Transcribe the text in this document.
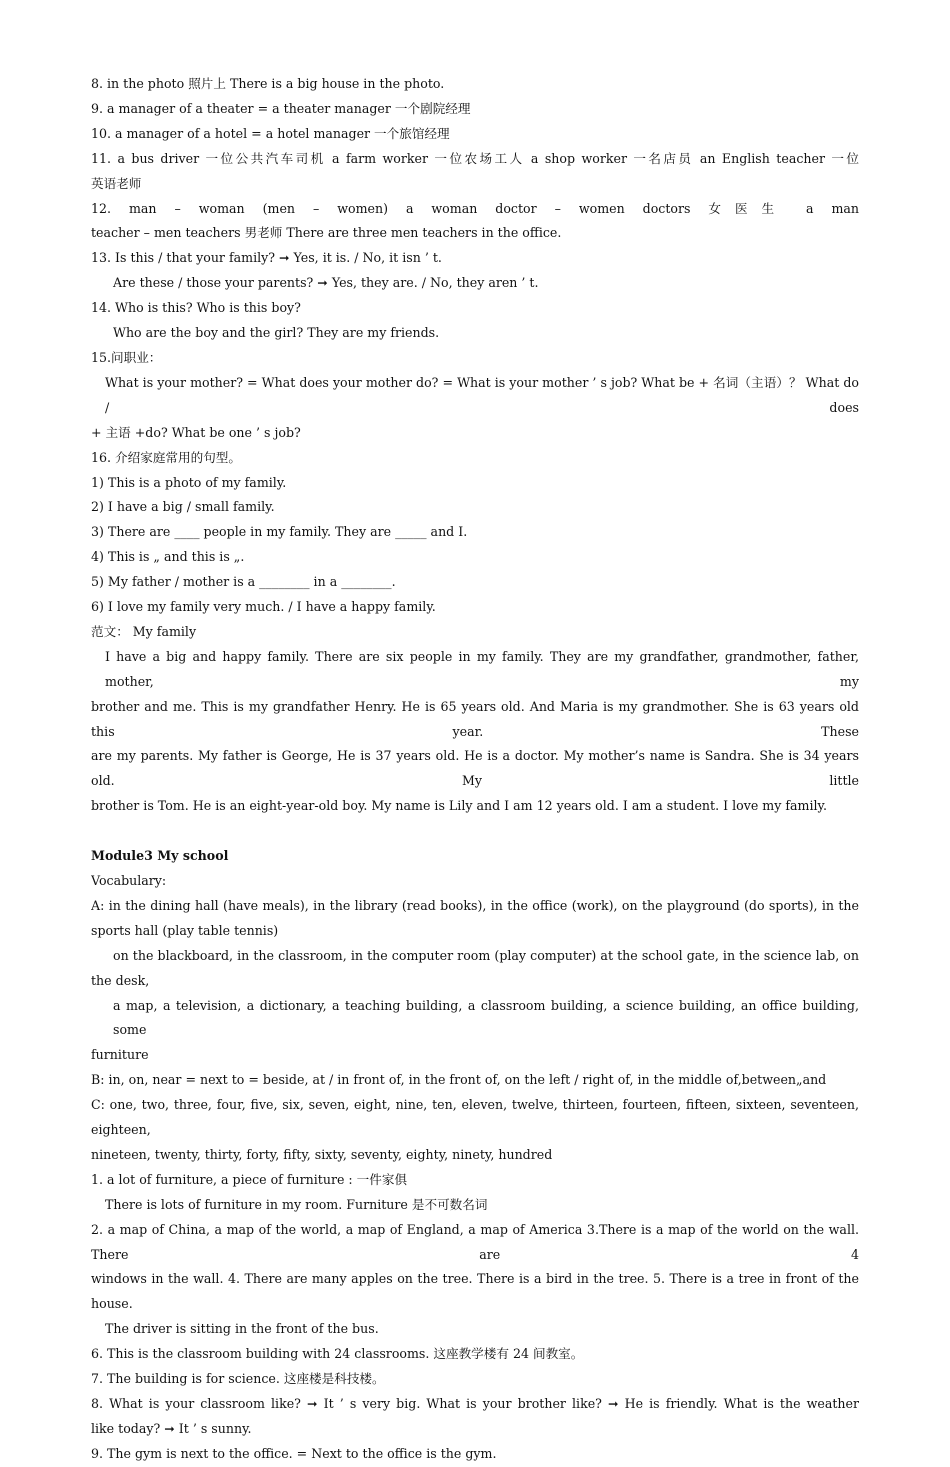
8. in the photo 照片上 There is a big house in the photo.

9. a manager of a theater = a theater manager 一个剧院经理

10. a manager of a hotel = a hotel manager 一个旅馆经理

11. a bus driver 一位公共汽车司机 a farm worker 一位农场工人 a shop worker 一名店员 an English teacher 一位

英语老师

12. man – woman (men – women) a woman doctor – women doctors 女医生 a man

teacher – men teachers 男老师 There are three men teachers in the office.

13. Is this / that your family? ➞ Yes, it is. / No, it isn ’ t.

Are these / those your parents? ➞ Yes, they are. / No, they aren ’ t.

14. Who is this? Who is this boy?

Who are the boy and the girl? They are my friends.

15.问职业：

What is your mother? = What does your mother do? = What is your mother ’ s job? What be + 名词（主语）？ What do / does

+ 主语 +do? What be one ’ s job?

16. 介绍家庭常用的句型。

1) This is a photo of my family.

2) I have a big / small family.

3) There are ____ people in my family. They are _____ and I.

4) This is „ and this is „.

5) My father / mother is a ________ in a ________.

6) I love my family very much. / I have a happy family.

范文： My family

I have a big and happy family. There are six people in my family. They are my grandfather, grandmother, father, mother, my

brother and me. This is my grandfather Henry. He is 65 years old. And Maria is my grandmother. She is 63 years old this year. These

are my parents. My father is George, He is 37 years old. He is a doctor. My mother’s name is Sandra. She is 34 years old. My little

brother is Tom. He is an eight-year-old boy. My name is Lily and I am 12 years old. I am a student. I love my family.

Module3 My school

Vocabulary:

A: in the dining hall (have meals), in the library (read books), in the office (work), on the playground (do sports), in the

sports hall (play table tennis)

on the blackboard, in the classroom, in the computer room (play computer) at the school gate, in the science lab, on

the desk,

a map, a television, a dictionary, a teaching building, a classroom building, a science building, an office building, some

furniture

B: in, on, near = next to = beside, at / in front of, in the front of, on the left / right of, in the middle of,between„and

C: one, two, three, four, five, six, seven, eight, nine, ten, eleven, twelve, thirteen, fourteen, fifteen, sixteen, seventeen, eighteen,

nineteen, twenty, thirty, forty, fifty, sixty, seventy, eighty, ninety, hundred

1. a lot of furniture, a piece of furniture : 一件家俱

There is lots of furniture in my room. Furniture 是不可数名词

2. a map of China, a map of the world, a map of England, a map of America 3.There is a map of the world on the wall. There are 4

windows in the wall. 4. There are many apples on the tree. There is a bird in the tree. 5. There is a tree in front of the house.

The driver is sitting in the front of the bus.

6. This is the classroom building with 24 classrooms. 这座教学楼有 24 间教室。

7. The building is for science. 这座楼是科技楼。

8. What is your classroom like? ➞ It ’ s very big. What is your brother like? ➞ He is friendly. What is the weather

like today? ➞ It ’ s sunny.

9. The gym is next to the office. = Next to the office is the gym.
